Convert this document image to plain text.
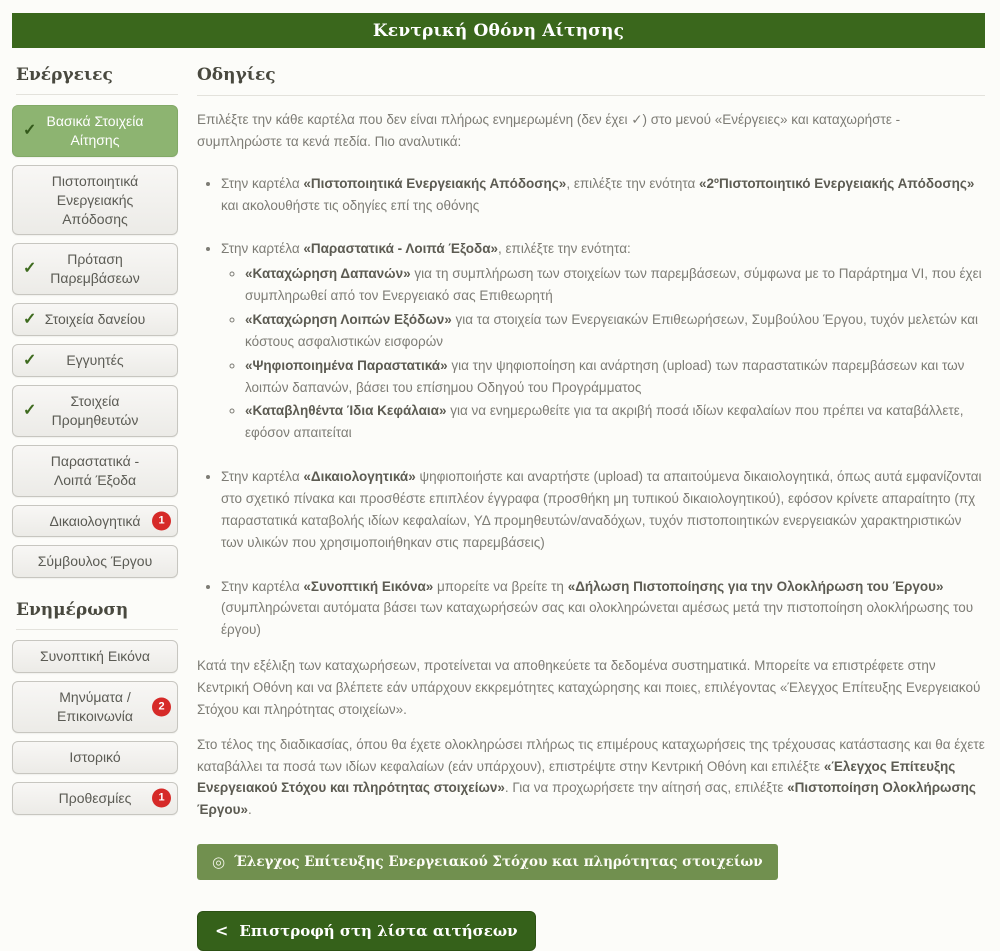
Κεντρική Οθόνη Αίτησης
Ενέργειες
✓
Βασικά Στοιχεία Αίτησης
Πιστοποιητικά Ενεργειακής Απόδοσης
✓
Πρόταση Παρεμβάσεων
✓ Στοιχεία δανείου
✓ Εγγυητές
✓
Στοιχεία Προμηθευτών
Παραστατικά - Λοιπά Έξοδα
Δικαιολογητικά	1
Σύμβουλος Έργου
Ενημέρωση
Συνοπτική Εικόνα
Μηνύματα / Επικοινωνία
2
Ιστορικό
Προθεσμίες	1
Οδηγίες

Επιλέξτε την κάθε καρτέλα που δεν είναι πλήρως ενημερωμένη (δεν έχει ✓) στο μενού «Ενέργειες» και καταχωρήστε - συμπληρώστε τα κενά πεδία. Πιο αναλυτικά:

• Στην καρτέλα «Πιστοποιητικά Ενεργειακής Απόδοσης», επιλέξτε την ενότητα «2ºΠιστοποιητικό Ενεργειακής Απόδοσης» και ακολουθήστε τις οδηγίες επί της οθόνης
• Στην καρτέλα «Παραστατικά - Λοιπά Έξοδα», επιλέξτε την ενότητα:
◦ «Καταχώρηση Δαπανών» για τη συμπλήρωση των στοιχείων των παρεμβάσεων, σύμφωνα με το Παράρτημα VI, που έχει συμπληρωθεί από τον Ενεργειακό σας Επιθεωρητή
◦ «Καταχώρηση Λοιπών Εξόδων» για τα στοιχεία των Ενεργειακών Επιθεωρήσεων, Συμβούλου Έργου, τυχόν μελετών και κόστους ασφαλιστικών εισφορών
◦ «Ψηφιοποιημένα Παραστατικά» για την ψηφιοποίηση και ανάρτηση (upload) των παραστατικών παρεμβάσεων και των λοιπών δαπανών, βάσει του επίσημου Οδηγού του Προγράμματος
◦ «Καταβληθέντα Ίδια Κεφάλαια» για να ενημερωθείτε για τα ακριβή ποσά ιδίων κεφαλαίων που πρέπει να καταβάλλετε, εφόσον απαιτείται
• Στην καρτέλα «Δικαιολογητικά» ψηφιοποιήστε και αναρτήστε (upload) τα απαιτούμενα δικαιολογητικά, όπως αυτά εμφανίζονται στο σχετικό πίνακα και προσθέστε επιπλέον έγγραφα (προσθήκη μη τυπικού δικαιολογητικού), εφόσον κρίνετε απαραίτητο (πχ παραστατικά καταβολής ιδίων κεφαλαίων, ΥΔ προμηθευτών/αναδόχων, τυχόν πιστοποιητικών ενεργειακών χαρακτηριστικών των υλικών που χρησιμοποιήθηκαν στις παρεμβάσεις)
• Στην καρτέλα «Συνοπτική Εικόνα» μπορείτε να βρείτε τη «Δήλωση Πιστοποίησης για την Ολοκλήρωση του Έργου» (συμπληρώνεται αυτόματα βάσει των καταχωρήσεών σας και ολοκληρώνεται αμέσως μετά την πιστοποίηση ολοκλήρωσης του έργου)

Κατά την εξέλιξη των καταχωρήσεων, προτείνεται να αποθηκεύετε τα δεδομένα συστηματικά. Μπορείτε να επιστρέφετε στην Κεντρική Οθόνη και να βλέπετε εάν υπάρχουν εκκρεμότητες καταχώρησης και ποιες, επιλέγοντας «Έλεγχος Επίτευξης Ενεργειακού Στόχου και πληρότητας στοιχείων».

Στο τέλος της διαδικασίας, όπου θα έχετε ολοκληρώσει πλήρως τις επιμέρους καταχωρήσεις της τρέχουσας κατάστασης και θα έχετε καταβάλλει τα ποσά των ιδίων κεφαλαίων (εάν υπάρχουν), επιστρέψτε στην Κεντρική Οθόνη και επιλέξτε «Έλεγχος Επίτευξης Ενεργειακού Στόχου και πληρότητας στοιχείων». Για να προχωρήσετε την αίτησή σας, επιλέξτε «Πιστοποίηση Ολοκλήρωσης Έργου».

◎ Έλεγχος Επίτευξης Ενεργειακού Στόχου και πληρότητας στοιχείων
< Επιστροφή στη λίστα αιτήσεων
